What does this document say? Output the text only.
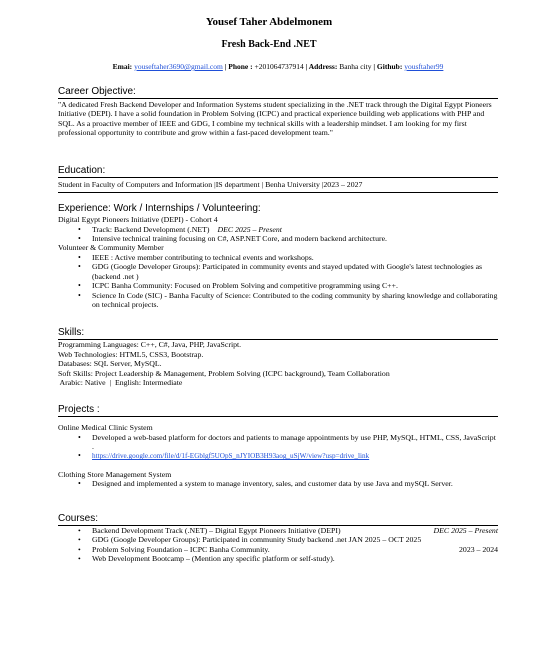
Yousef Taher Abdelmonem
Fresh Back-End .NET
Emai: youseftaher3690@gmail.com | Phone : +201064737914 | Address: Banha city | Github: yousftaher99
Career Objective:

"A dedicated Fresh Backend Developer and Information Systems student specializing in the .NET track through the Digital Egypt Pioneers Initiative (DEPI). I have a solid foundation in Problem Solving (ICPC) and practical experience building web applications with PHP and SQL. As a proactive member of IEEE and GDG, I combine my technical skills with a leadership mindset. I am looking for my first professional opportunity to contribute and grow within a fast-paced development team."

Education:

Student in Faculty of Computers and Information |IS department | Benha University |2023 – 2027

Experience: Work / Internships / Volunteering:
Digital Egypt Pioneers Initiative (DEPI) - Cohort 4
• Track: Backend Development (.NET) DEC 2025 – Present
• Intensive technical training focusing on C#, ASP.NET Core, and modern backend architecture.
Volunteer & Community Member
• IEEE : Active member contributing to technical events and workshops.
• GDG (Google Developer Groups): Participated in community events and stayed updated with Google's latest technologies as (backend .net )
• ICPC Banha Community: Focused on Problem Solving and competitive programming using C++.
• Science In Code (SIC) - Banha Faculty of Science: Contributed to the coding community by sharing knowledge and collaborating on technical projects.
Skills:
Programming Languages: C++, C#, Java, PHP, JavaScript.
Web Technologies: HTML5, CSS3, Bootstrap.
Databases: SQL Server, MySQL.
Soft Skills: Project Leadership & Management, Problem Solving (ICPC background), Team Collaboration
Arabic: Native  |  English: Intermediate
Projects :
Online Medical Clinic System
• Developed a web-based platform for doctors and patients to manage appointments by use PHP, MySQL, HTML, CSS, JavaScript .
• https://drive.google.com/file/d/1f-EGblgf5UOpS_nJYIOB3H93aog_uSjW/view?usp=drive_link
Clothing Store Management System
• Designed and implemented a system to manage inventory, sales, and customer data by use Java and mySQL Server.
Courses:
• Backend Development Track (.NET) – Digital Egypt Pioneers Initiative (DEPI)	DEC 2025 – Present
• GDG (Google Developer Groups): Participated in community Study backend .net JAN 2025 – OCT 2025
• Problem Solving Foundation – ICPC Banha Community.	2023 – 2024
• Web Development Bootcamp – (Mention any specific platform or self-study).
